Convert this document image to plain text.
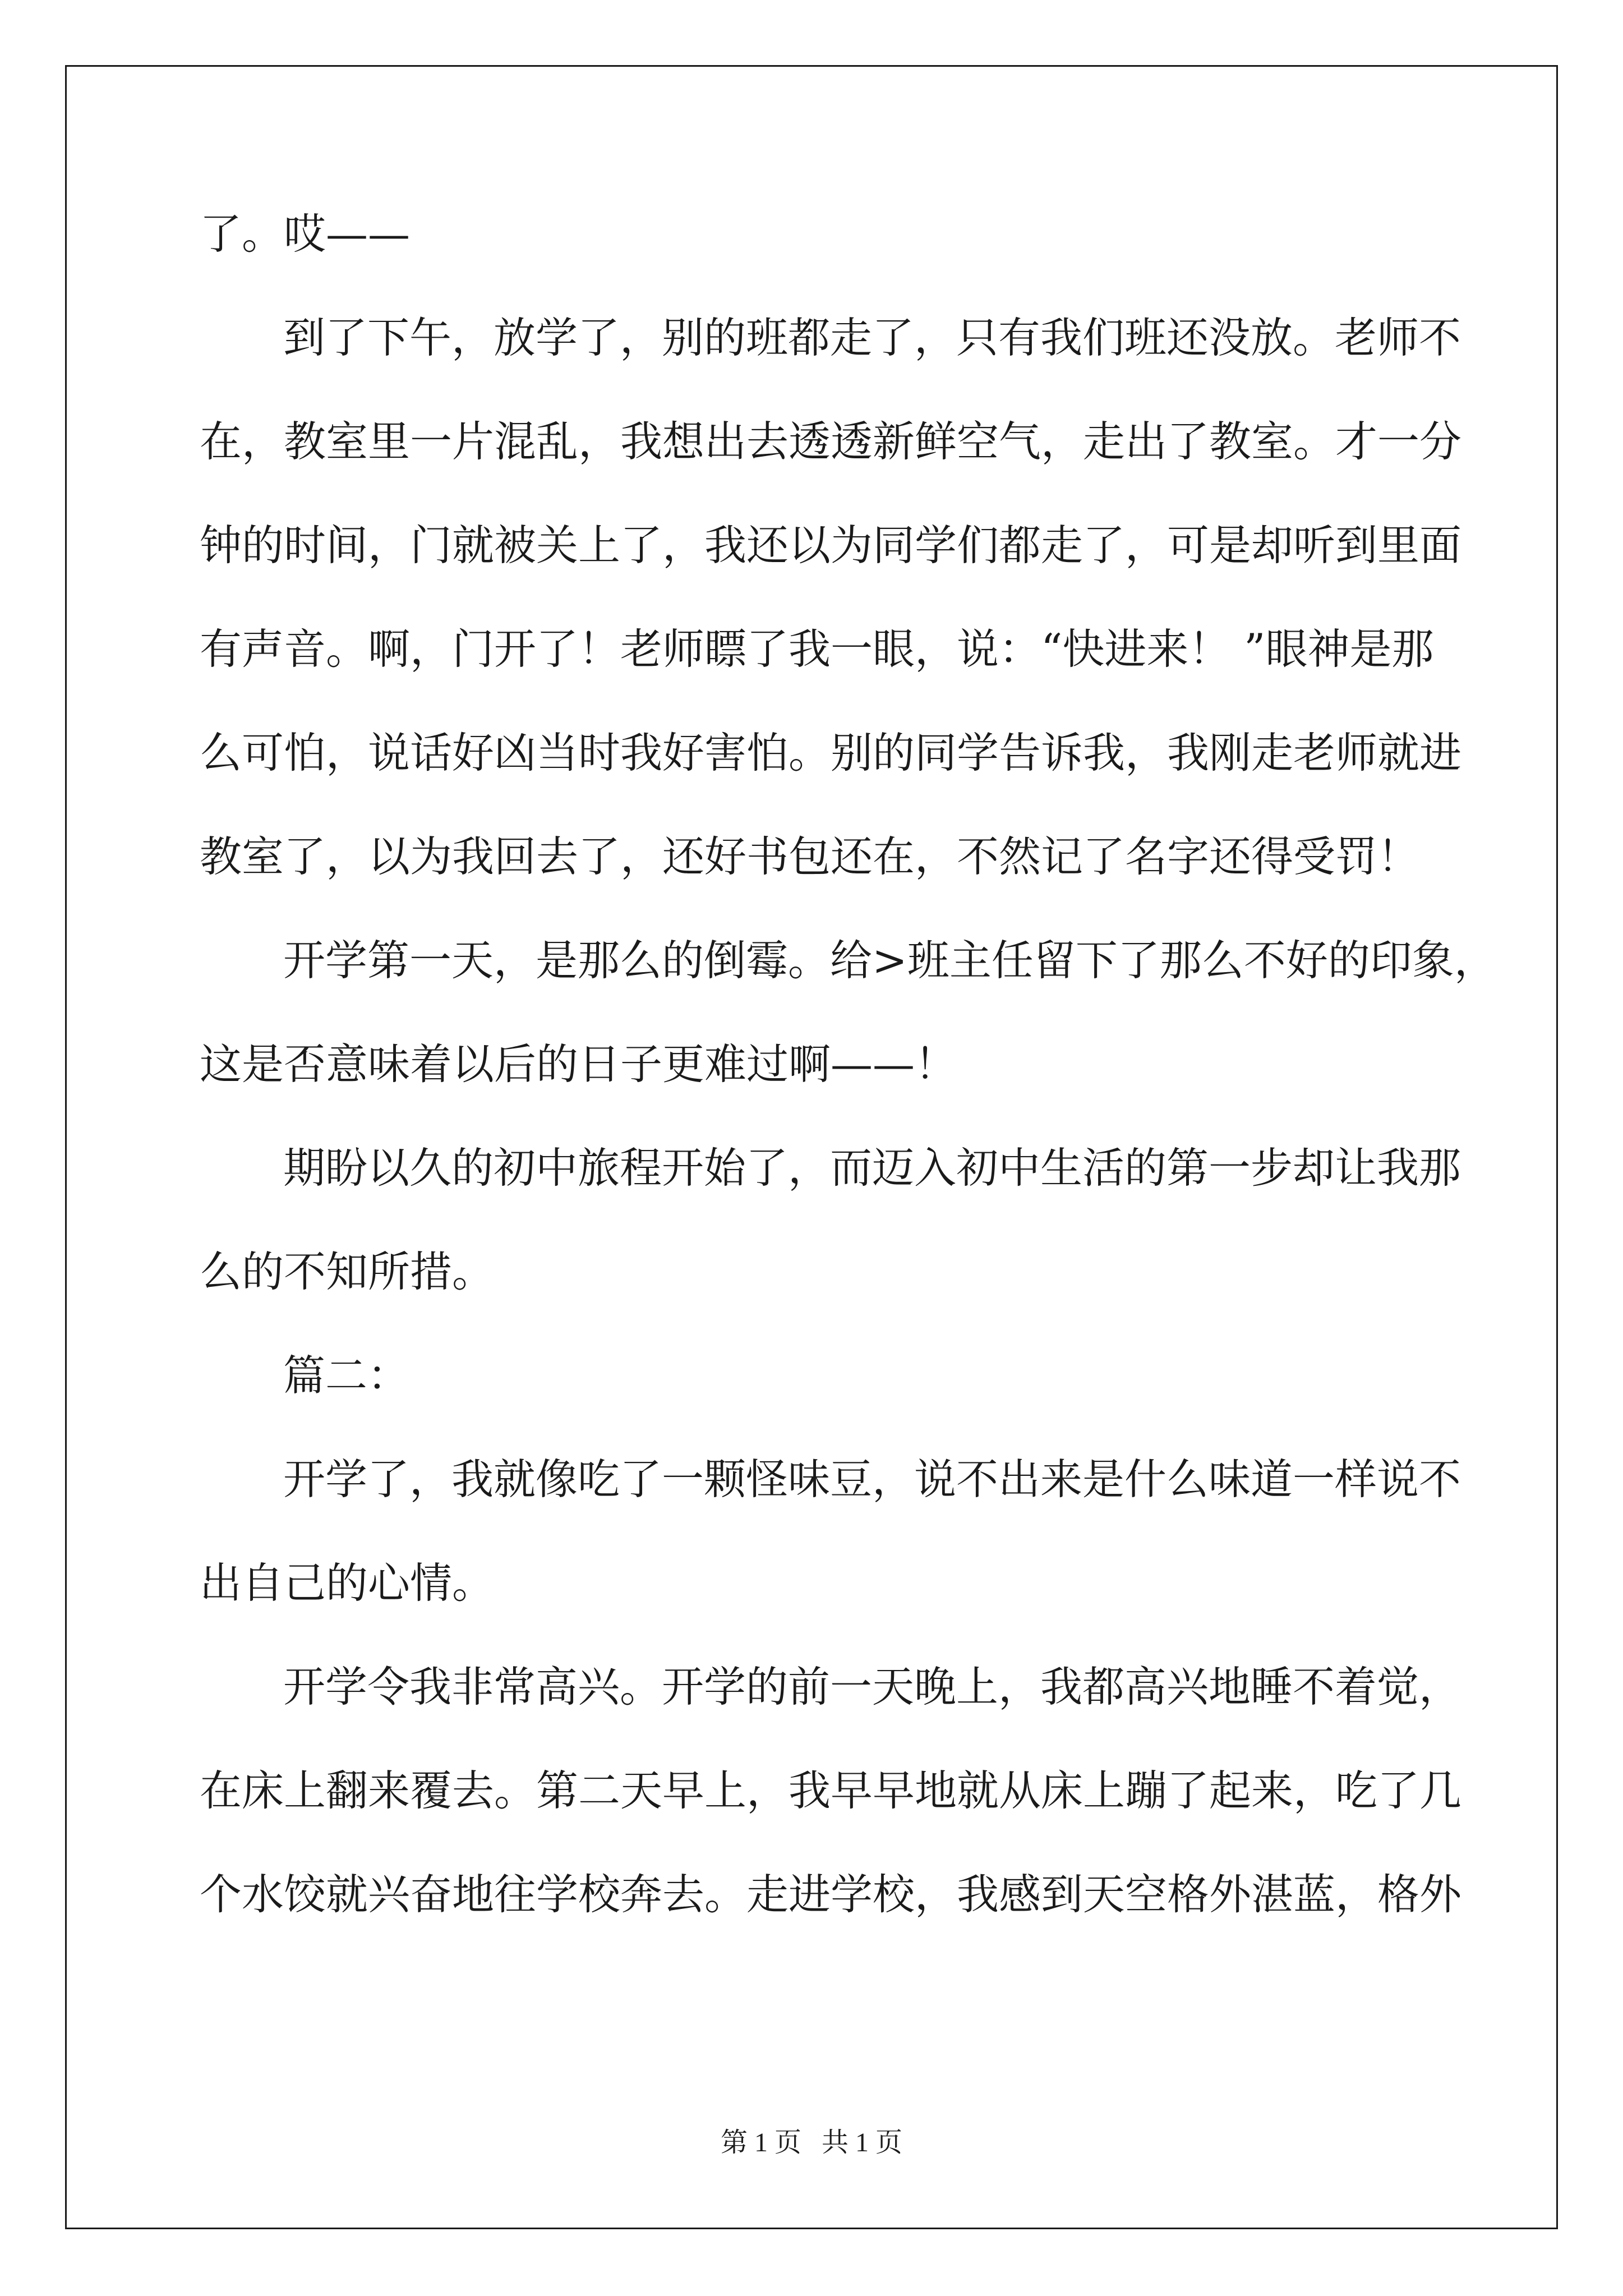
了。哎——
到了下午，放学了，别的班都走了，只有我们班还没放。老师不
在，教室里一片混乱，我想出去透透新鲜空气，走出了教室。才一分
钟的时间，门就被关上了，我还以为同学们都走了，可是却听到里面
有声音。啊，门开了！老师瞟了我一眼，说：“快进来！ ”眼神是那
么可怕，说话好凶当时我好害怕。别的同学告诉我，我刚走老师就进
教室了，以为我回去了，还好书包还在，不然记了名字还得受罚！
开学第一天，是那么的倒霉。给>班主任留下了那么不好的印象，
这是否意味着以后的日子更难过啊——！
期盼以久的初中旅程开始了，而迈入初中生活的第一步却让我那
么的不知所措。
篇二：
开学了，我就像吃了一颗怪味豆，说不出来是什么味道一样说不
出自己的心情。
开学令我非常高兴。开学的前一天晚上，我都高兴地睡不着觉，
在床上翻来覆去。第二天早上，我早早地就从床上蹦了起来，吃了几
个水饺就兴奋地往学校奔去。走进学校，我感到天空格外湛蓝，格外
第 1 页   共 1 页
